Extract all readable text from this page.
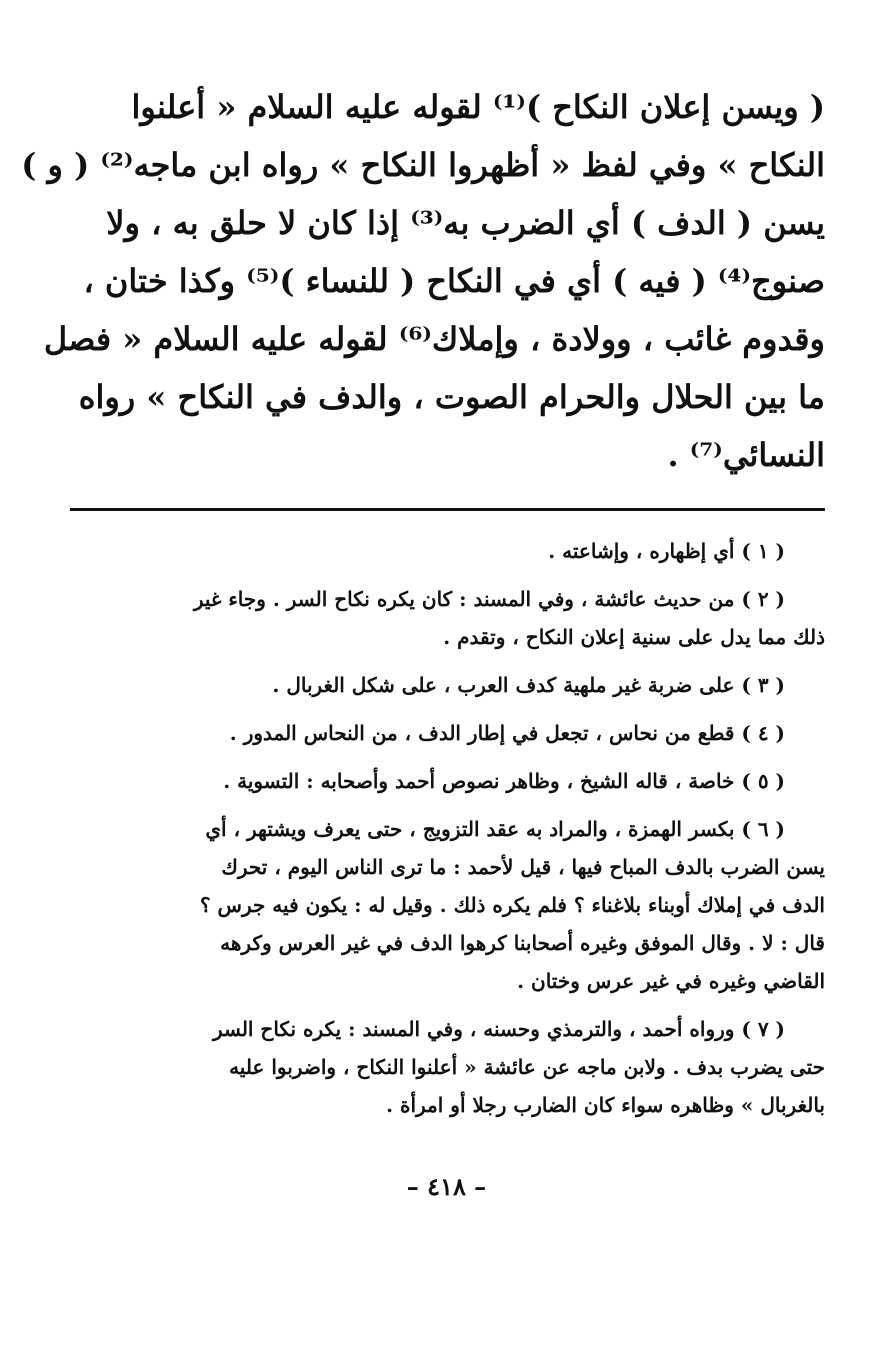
( ويسن إعلان النكاح )⁽¹⁾ لقوله عليه السلام « أعلنوا
النكاح » وفي لفظ « أظهروا النكاح » رواه ابن ماجه⁽²⁾ ( و )
يسن ( الدف ) أي الضرب به⁽³⁾ إذا كان لا حلق به ، ولا
صنوج⁽⁴⁾ ( فيه ) أي في النكاح ( للنساء )⁽⁵⁾ وكذا ختان ،
وقدوم غائب ، وولادة ، وإملاك⁽⁶⁾ لقوله عليه السلام « فصل
ما بين الحلال والحرام الصوت ، والدف في النكاح » رواه
النسائي⁽⁷⁾ .
( ١ ) أي إظهاره ، وإشاعته .
( ٢ ) من حديث عائشة ، وفي المسند : كان يكره نكاح السر . وجاء غير
ذلك مما يدل على سنية إعلان النكاح ، وتقدم .
( ٣ ) على ضربة غير ملهية كدف العرب ، على شكل الغربال .
( ٤ ) قطع من نحاس ، تجعل في إطار الدف ، من النحاس المدور .
( ٥ ) خاصة ، قاله الشيخ ، وظاهر نصوص أحمد وأصحابه : التسوية .
( ٦ ) بكسر الهمزة ، والمراد به عقد التزويج ، حتى يعرف ويشتهر ، أي
يسن الضرب بالدف المباح فيها ، قيل لأحمد : ما ترى الناس اليوم ، تحرك
الدف في إملاك أوبناء بلاغناء ؟ فلم يكره ذلك . وقيل له : يكون فيه جرس ؟
قال : لا . وقال الموفق وغيره أصحابنا كرهوا الدف في غير العرس وكرهه
القاضي وغيره في غير عرس وختان .
( ٧ ) ورواه أحمد ، والترمذي وحسنه ، وفي المسند : يكره نكاح السر
حتى يضرب بدف . ولابن ماجه عن عائشة « أعلنوا النكاح ، واضربوا عليه
بالغربال » وظاهره سواء كان الضارب رجلا أو امرأة .
– ٤١٨ –
